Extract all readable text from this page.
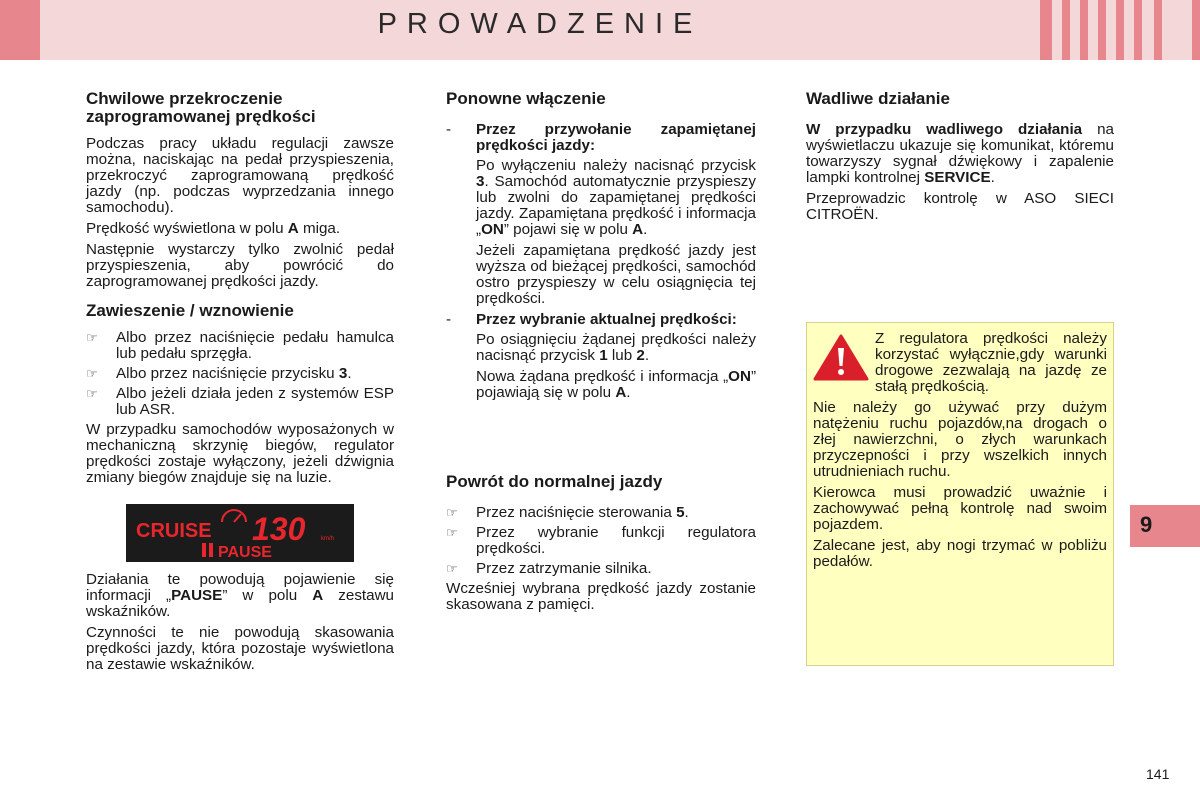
PROWADZENIE
9
Chwilowe przekroczenie zaprogramowanej prędkości

Podczas pracy układu regulacji zawsze można, naciskając na pedał przyspieszenia, przekroczyć zaprogramowaną prędkość jazdy (np. podczas wyprzedzania innego samochodu).

Prędkość wyświetlona w polu A miga.

Następnie wystarczy tylko zwolnić pedał przyspieszenia, aby powrócić do zaprogramowanej prędkości jazdy.

Zawieszenie / wznowienie
☞ Albo przez naciśnięcie pedału hamulca lub pedału sprzęgła.
☞ Albo przez naciśnięcie przycisku 3.
☞ Albo jeżeli działa jeden z systemów ESP lub ASR.

W przypadku samochodów wyposażonych w mechaniczną skrzynię biegów, regulator prędkości zostaje wyłączony, jeżeli dźwignia zmiany biegów znajduje się na luzie.

CRUISE 130	km/h
PAUSE

Działania te powodują pojawienie się informacji „PAUSE” w polu A zestawu wskaźników.

Czynności te nie powodują skasowania prędkości jazdy, która pozostaje wyświetlona na zestawie wskaźników.

Ponowne włączenie
- Przez przywołanie zapamiętanej prędkości jazdy:

Po wyłączeniu należy nacisnąć przycisk 3. Samochód automatycznie przyspieszy lub zwolni do zapamiętanej prędkości jazdy. Zapamiętana prędkość i informacja „ON” pojawi się w polu A.

Jeżeli zapamiętana prędkość jazdy jest wyższa od bieżącej prędkości, samochód ostro przyspieszy w celu osiągnięcia tej prędkości.

- Przez wybranie aktualnej prędkości:

Po osiągnięciu żądanej prędkości należy nacisnąć przycisk 1 lub 2.

Nowa żądana prędkość i informacja „ON” pojawiają się w polu A.

Powrót do normalnej jazdy
☞ Przez naciśnięcie sterowania 5.
☞ Przez wybranie funkcji regulatora prędkości.
☞ Przez zatrzymanie silnika.

Wcześniej wybrana prędkość jazdy zostanie skasowana z pamięci.

Wadliwe działanie

W przypadku wadliwego działania na wyświetlaczu ukazuje się komunikat, któremu towarzyszy sygnał dźwiękowy i zapalenie lampki kontrolnej SERVICE.

Przeprowadzic kontrolę w ASO SIECI CITROËN.

Z regulatora prędkości należy korzystać wyłącznie,gdy warunki drogowe zezwalają na jazdę ze stałą prędkością.

Nie należy go używać przy dużym natężeniu ruchu pojazdów,na drogach o złej nawierzchni, o złych warunkach przyczepności i przy wszelkich innych utrudnieniach ruchu.

Kierowca musi prowadzić uważnie i zachowywać pełną kontrolę nad swoim pojazdem.

Zalecane jest, aby nogi trzymać w pobliżu pedałów.

141
